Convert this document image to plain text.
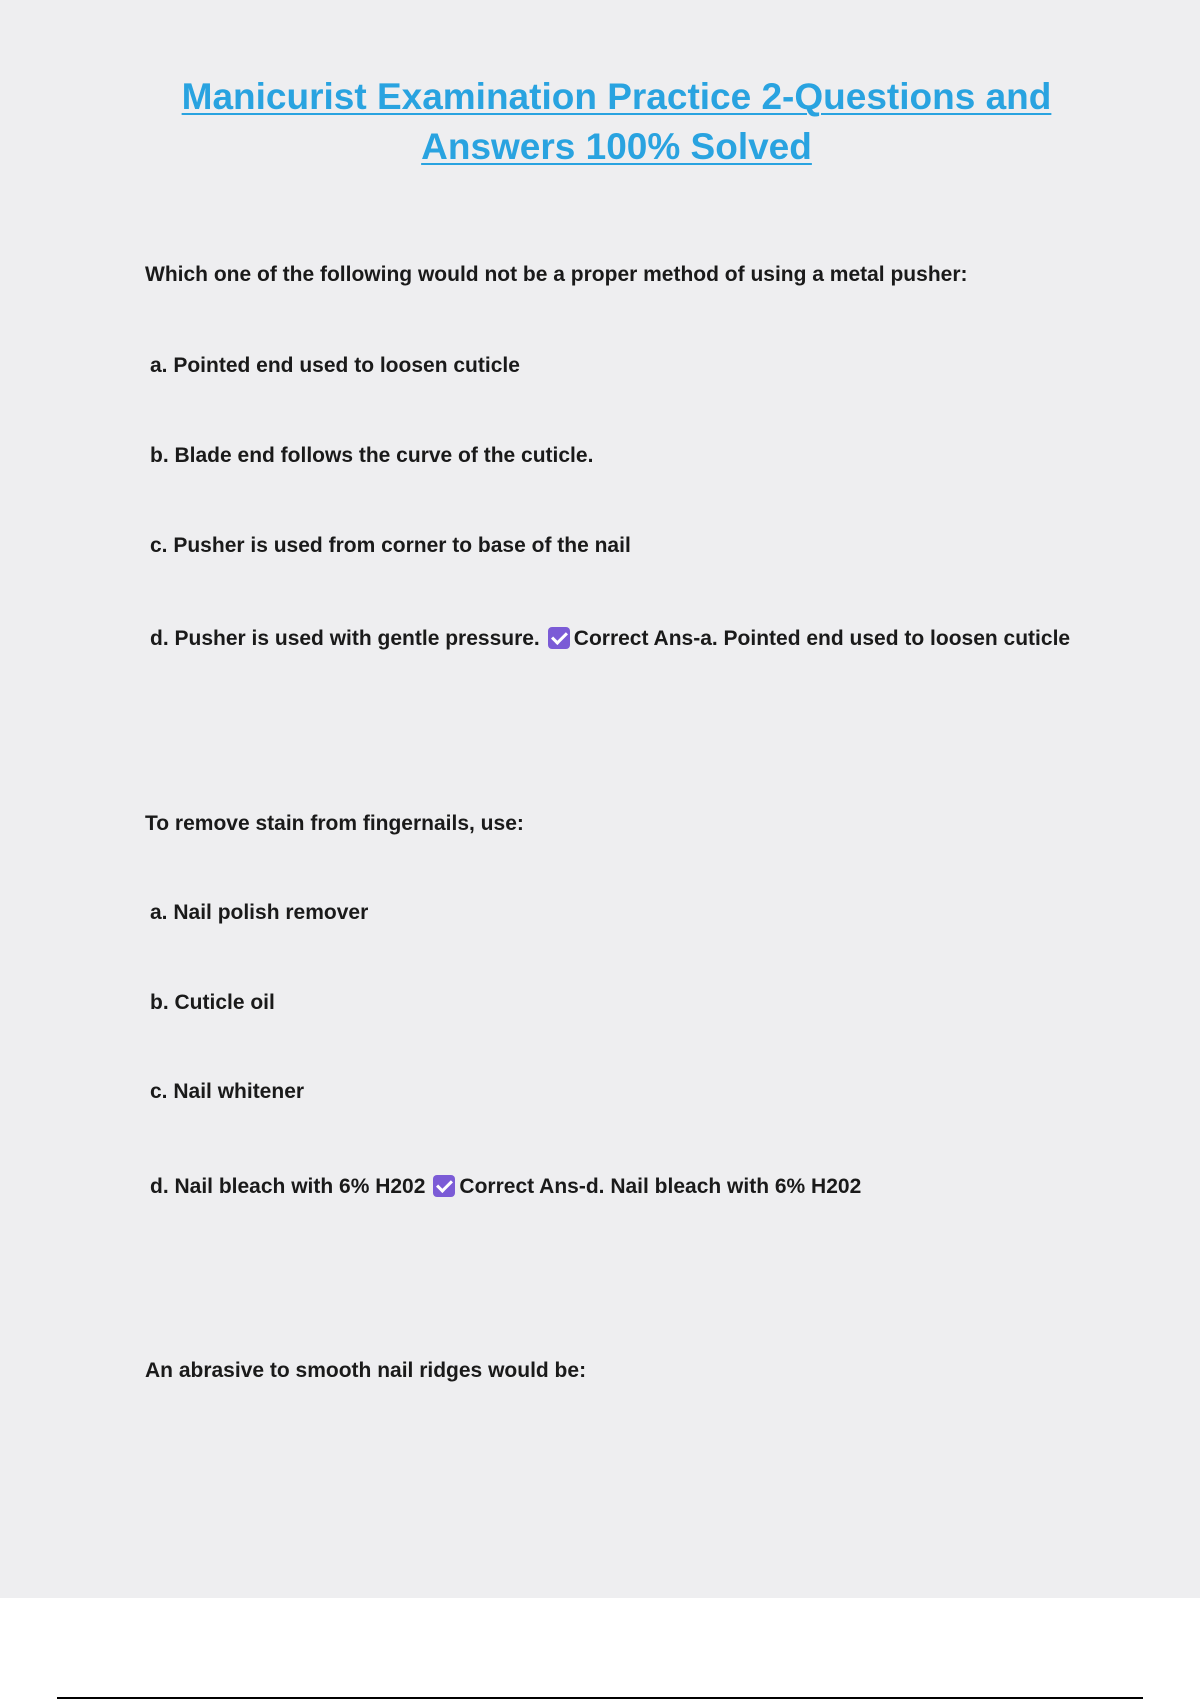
Manicurist Examination Practice 2-Questions and
Answers 100% Solved
Which one of the following would not be a proper method of using a metal pusher:
a. Pointed end used to loosen cuticle
b. Blade end follows the curve of the cuticle.
c. Pusher is used from corner to base of the nail
d. Pusher is used with gentle pressure. Correct Ans-a. Pointed end used to loosen cuticle
To remove stain from fingernails, use:
a. Nail polish remover
b. Cuticle oil
c. Nail whitener
d. Nail bleach with 6% H202 Correct Ans-d. Nail bleach with 6% H202
An abrasive to smooth nail ridges would be:
